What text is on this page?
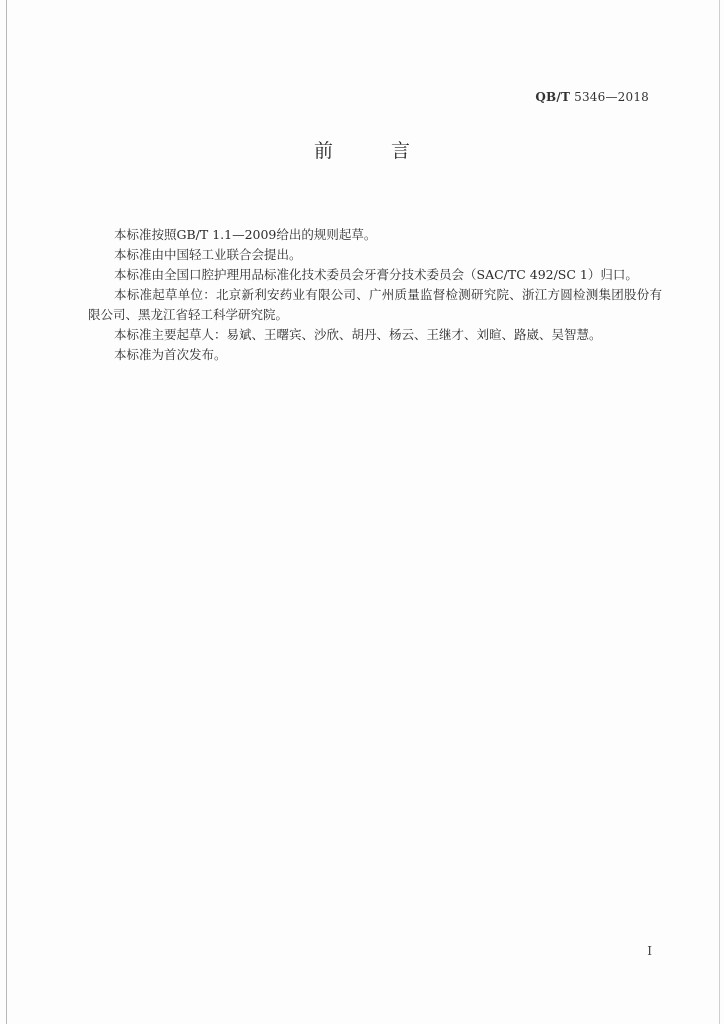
QB/T 5346—2018
前 言

本标准按照GB/T 1.1—2009给出的规则起草。

本标准由中国轻工业联合会提出。

本标准由全国口腔护理用品标准化技术委员会牙膏分技术委员会（SAC/TC 492/SC 1）归口。

本标准起草单位：北京新利安药业有限公司、广州质量监督检测研究院、浙江方圆检测集团股份有限公司、黑龙江省轻工科学研究院。

本标准主要起草人：易斌、王曙宾、沙欣、胡丹、杨云、王继才、刘暄、路崴、吴智慧。

本标准为首次发布。

I
